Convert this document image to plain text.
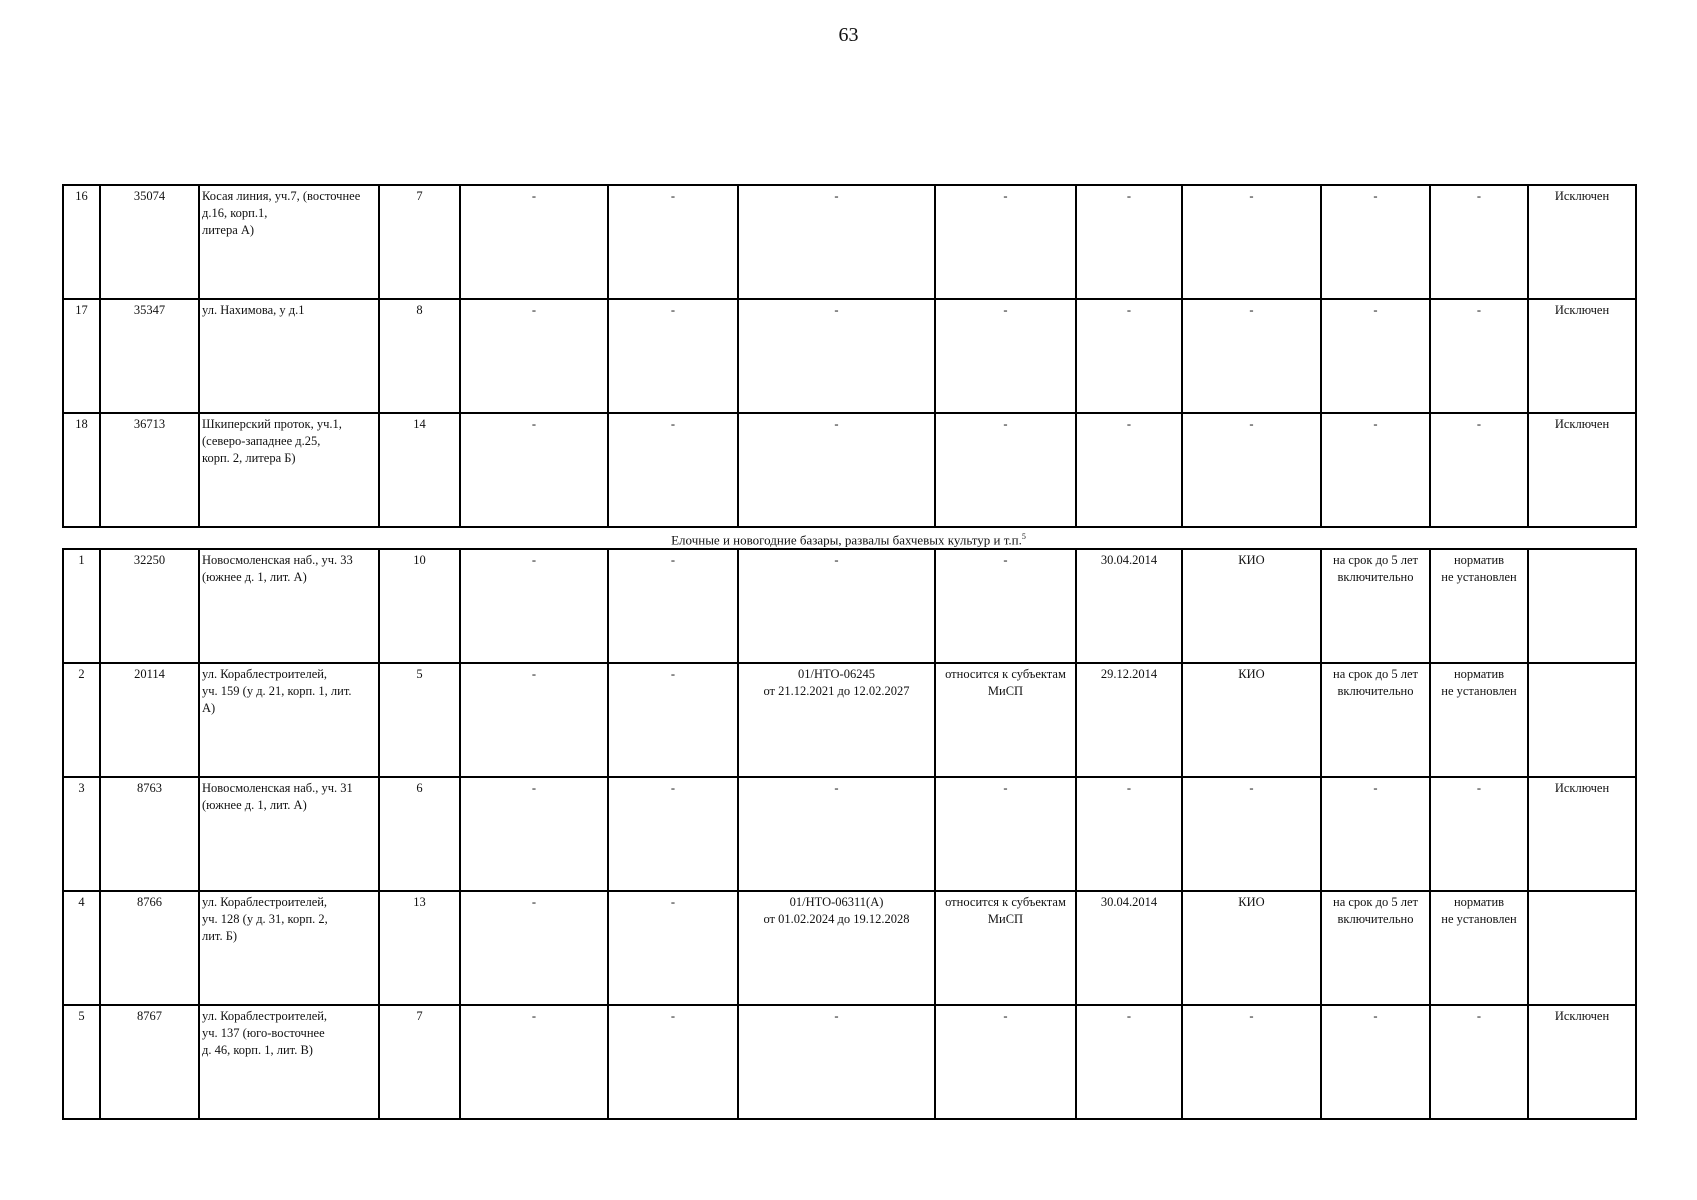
63
16	35074	Косая линия, уч.7, (восточнее
д.16, корп.1,
литера А)	7	-	-	-	-	-	-	-	-	Исключен
17	35347	ул. Нахимова, у д.1	8	-	-	-	-	-	-	-	-	Исключен
18	36713	Шкиперский проток, уч.1,
(северо-западнее д.25,
корп. 2, литера Б)	14	-	-	-	-	-	-	-	-	Исключен
Елочные и новогодние базары, развалы бахчевых культур и т.п.$^5$
1	32250	Новосмоленская наб., уч. 33
(южнее д. 1, лит. А)	10	-	-	-	-	30.04.2014	КИО	на срок до 5 лет
включительно	норматив
не установлен	
2	20114	ул. Кораблестроителей,
уч. 159 (у д. 21, корп. 1, лит.
А)	5	-	-	01/НТО-06245
от 21.12.2021 до 12.02.2027	относится к субъектам
МиСП	29.12.2014	КИО	на срок до 5 лет
включительно	норматив
не установлен	
3	8763	Новосмоленская наб., уч. 31
(южнее д. 1, лит. А)	6	-	-	-	-	-	-	-	-	Исключен
4	8766	ул. Кораблестроителей,
уч. 128 (у д. 31, корп. 2,
лит. Б)	13	-	-	01/НТО-06311(А)
от 01.02.2024 до 19.12.2028	относится к субъектам
МиСП	30.04.2014	КИО	на срок до 5 лет
включительно	норматив
не установлен	
5	8767	ул. Кораблестроителей,
уч. 137 (юго-восточнее
д. 46, корп. 1, лит. В)	7	-	-	-	-	-	-	-	-	Исключен
